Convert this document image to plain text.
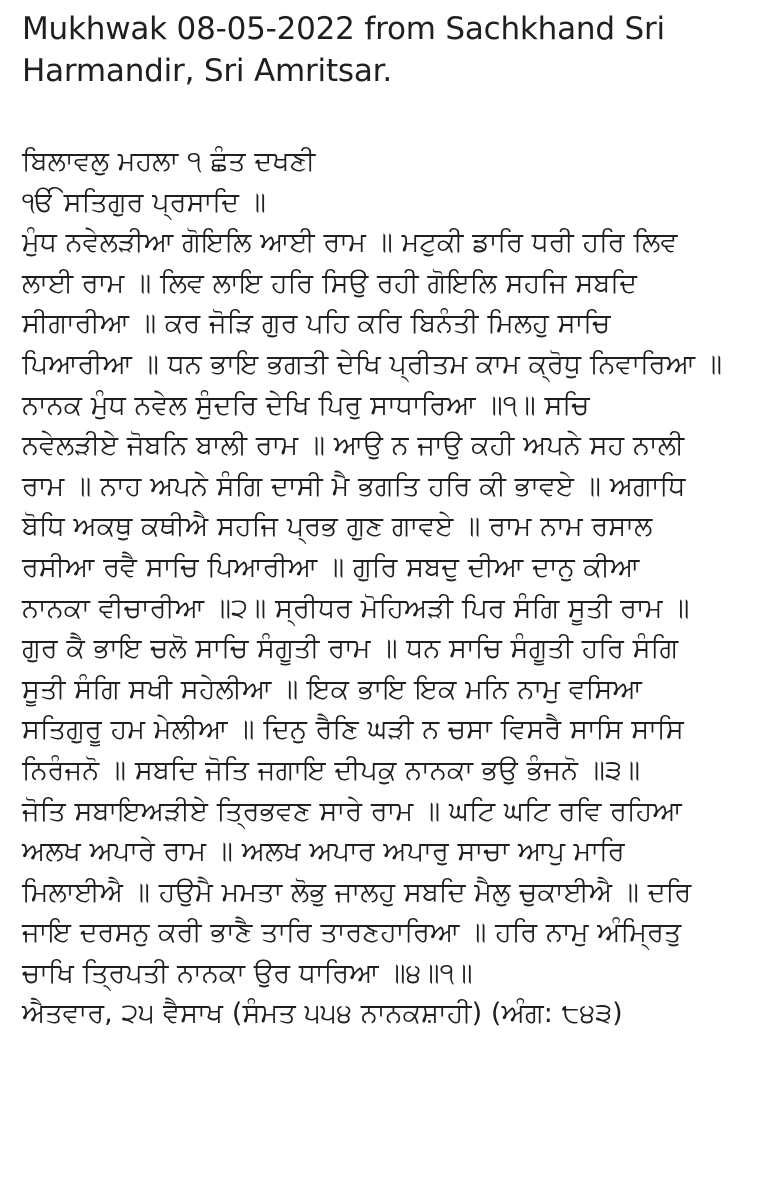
Mukhwak 08-05-2022 from Sachkhand Sri
Harmandir, Sri Amritsar.
ਬਿਲਾਵਲੁ ਮਹਲਾ ੧ ਛੰਤ ਦਖਣੀ
ੴ ਸਤਿਗੁਰ ਪ੍ਰਸਾਦਿ ॥
ਮੁੰਧ ਨਵੇਲੜੀਆ ਗੋਇਲਿ ਆਈ ਰਾਮ ॥ ਮਟੁਕੀ ਡਾਰਿ ਧਰੀ ਹਰਿ ਲਿਵ
ਲਾਈ ਰਾਮ ॥ ਲਿਵ ਲਾਇ ਹਰਿ ਸਿਉ ਰਹੀ ਗੋਇਲਿ ਸਹਜਿ ਸਬਦਿ
ਸੀਗਾਰੀਆ ॥ ਕਰ ਜੋੜਿ ਗੁਰ ਪਹਿ ਕਰਿ ਬਿਨੰਤੀ ਮਿਲਹੁ ਸਾਚਿ
ਪਿਆਰੀਆ ॥ ਧਨ ਭਾਇ ਭਗਤੀ ਦੇਖਿ ਪ੍ਰੀਤਮ ਕਾਮ ਕ੍ਰੋਧੁ ਨਿਵਾਰਿਆ ॥
ਨਾਨਕ ਮੁੰਧ ਨਵੇਲ ਸੁੰਦਰਿ ਦੇਖਿ ਪਿਰੁ ਸਾਧਾਰਿਆ ॥੧॥ ਸਚਿ
ਨਵੇਲੜੀਏ ਜੋਬਨਿ ਬਾਲੀ ਰਾਮ ॥ ਆਉ ਨ ਜਾਉ ਕਹੀ ਅਪਨੇ ਸਹ ਨਾਲੀ
ਰਾਮ ॥ ਨਾਹ ਅਪਨੇ ਸੰਗਿ ਦਾਸੀ ਮੈ ਭਗਤਿ ਹਰਿ ਕੀ ਭਾਵਏ ॥ ਅਗਾਧਿ
ਬੋਧਿ ਅਕਥੁ ਕਥੀਐ ਸਹਜਿ ਪ੍ਰਭ ਗੁਣ ਗਾਵਏ ॥ ਰਾਮ ਨਾਮ ਰਸਾਲ
ਰਸੀਆ ਰਵੈ ਸਾਚਿ ਪਿਆਰੀਆ ॥ ਗੁਰਿ ਸਬਦੁ ਦੀਆ ਦਾਨੁ ਕੀਆ
ਨਾਨਕਾ ਵੀਚਾਰੀਆ ॥੨॥ ਸ੍ਰੀਧਰ ਮੋਹਿਅੜੀ ਪਿਰ ਸੰਗਿ ਸੂਤੀ ਰਾਮ ॥
ਗੁਰ ਕੈ ਭਾਇ ਚਲੋ ਸਾਚਿ ਸੰਗੂਤੀ ਰਾਮ ॥ ਧਨ ਸਾਚਿ ਸੰਗੂਤੀ ਹਰਿ ਸੰਗਿ
ਸੂਤੀ ਸੰਗਿ ਸਖੀ ਸਹੇਲੀਆ ॥ ਇਕ ਭਾਇ ਇਕ ਮਨਿ ਨਾਮੁ ਵਸਿਆ
ਸਤਿਗੁਰੂ ਹਮ ਮੇਲੀਆ ॥ ਦਿਨੁ ਰੈਣਿ ਘੜੀ ਨ ਚਸਾ ਵਿਸਰੈ ਸਾਸਿ ਸਾਸਿ
ਨਿਰੰਜਨੋ ॥ ਸਬਦਿ ਜੋਤਿ ਜਗਾਇ ਦੀਪਕੁ ਨਾਨਕਾ ਭਉ ਭੰਜਨੋ ॥੩॥
ਜੋਤਿ ਸਬਾਇਅੜੀਏ ਤ੍ਰਿਭਵਣ ਸਾਰੇ ਰਾਮ ॥ ਘਟਿ ਘਟਿ ਰਵਿ ਰਹਿਆ
ਅਲਖ ਅਪਾਰੇ ਰਾਮ ॥ ਅਲਖ ਅਪਾਰ ਅਪਾਰੁ ਸਾਚਾ ਆਪੁ ਮਾਰਿ
ਮਿਲਾਈਐ ॥ ਹਉਮੈ ਮਮਤਾ ਲੋਭੁ ਜਾਲਹੁ ਸਬਦਿ ਮੈਲੁ ਚੁਕਾਈਐ ॥ ਦਰਿ
ਜਾਇ ਦਰਸਨੁ ਕਰੀ ਭਾਣੈ ਤਾਰਿ ਤਾਰਣਹਾਰਿਆ ॥ ਹਰਿ ਨਾਮੁ ਅੰਮ੍ਰਿਤੁ
ਚਾਖਿ ਤ੍ਰਿਪਤੀ ਨਾਨਕਾ ਉਰ ਧਾਰਿਆ ॥੪॥੧॥
ਐਤਵਾਰ, ੨੫ ਵੈਸਾਖ (ਸੰਮਤ ੫੫੪ ਨਾਨਕਸ਼ਾਹੀ) (ਅੰਗ: ੮੪੩)
